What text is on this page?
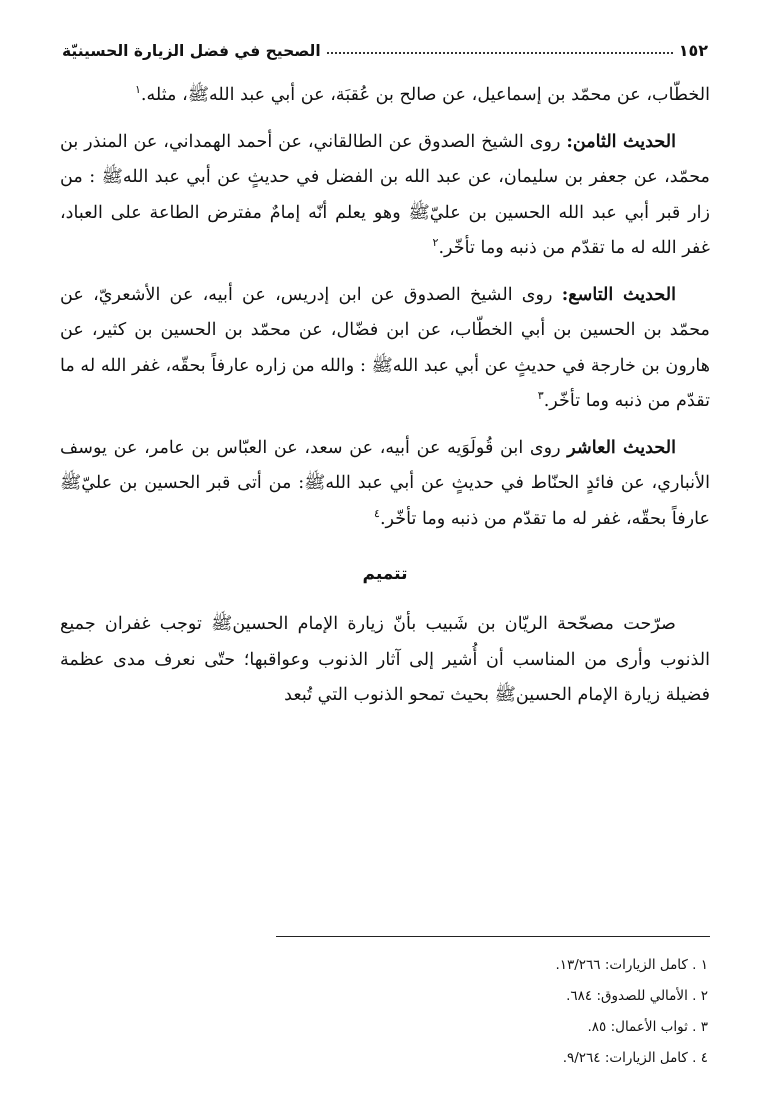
١٥٢
الصحيح في فضل الزيارة الحسينيّة

الخطّاب، عن محمّد بن إسماعيل، عن صالح بن عُقبَة، عن أبي عبد الله‌ﷺ، مثله.$^١$

الحديث الثامن: روى الشيخ الصدوق عن الطالقاني، عن أحمد الهمداني، عن المنذر بن محمّد، عن جعفر بن سليمان، عن عبد الله بن الفضل في حديثٍ عن أبي عبد الله‌ﷺ : من زار قبر أبي عبد الله الحسين بن عليّ‌ﷺ وهو يعلم أنّه إمامٌ مفترض الطاعة على العباد، غفر الله له ما تقدّم من ذنبه وما تأخّر.$^٢$

الحديث التاسع: روى الشيخ الصدوق عن ابن إدريس، عن أبيه، عن الأشعريّ، عن محمّد بن الحسين بن أبي الخطّاب، عن ابن فضّال، عن محمّد بن الحسين بن كثير، عن هارون بن خارجة في حديثٍ عن أبي عبد الله‌ﷺ : والله من زاره عارفاً بحقّه، غفر الله له ما تقدّم من ذنبه وما تأخّر.$^٣$

الحديث العاشر روى ابن قُولَوَيه عن أبيه، عن سعد، عن العبّاس بن عامر، عن يوسف الأنباري، عن فائدٍ الحنّاط في حديثٍ عن أبي عبد الله‌ﷺ: من أتى قبر الحسين بن عليّ‌ﷺ عارفاً بحقّه، غفر له ما تقدّم من ذنبه وما تأخّر.$^٤$

تتميم

صرّحت مصحّحة الريّان بن شَبيب بأنّ زيارة الإمام الحسين‌ﷺ توجب غفران جميع الذنوب وأرى من المناسب أن أُشير إلى آثار الذنوب وعواقبها؛ حتّى نعرف مدى عظمة فضيلة زيارة الإمام الحسين‌ﷺ بحيث تمحو الذنوب التي تُبعد

١ . كامل الزيارات: ١٣/٢٦٦.
٢ . الأمالي للصدوق: ٦٨٤.
٣ . ثواب الأعمال: ٨٥.
٤ . كامل الزيارات: ٩/٢٦٤.
